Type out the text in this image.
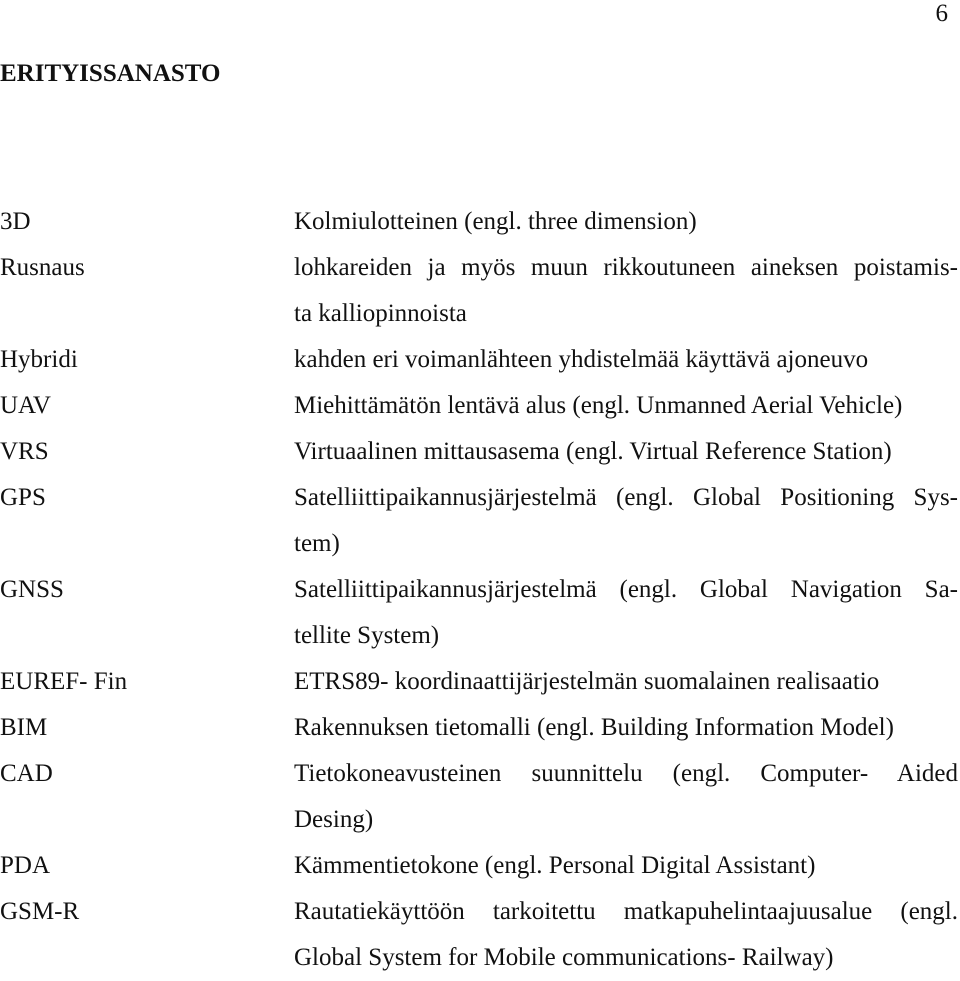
6
ERITYISSANASTO
3D	Kolmiulotteinen (engl. three dimension)
Rusnaus	lohkareiden ja myös muun rikkoutuneen aineksen poistamis-
ta kalliopinnoista
Hybridi	kahden eri voimanlähteen yhdistelmää käyttävä ajoneuvo
UAV	Miehittämätön lentävä alus (engl. Unmanned Aerial Vehicle)
VRS	Virtuaalinen mittausasema (engl. Virtual Reference Station)
GPS	Satelliittipaikannusjärjestelmä (engl. Global Positioning Sys-
tem)
GNSS	Satelliittipaikannusjärjestelmä (engl. Global Navigation Sa-
tellite System)
EUREF- Fin	ETRS89- koordinaattijärjestelmän suomalainen realisaatio
BIM	Rakennuksen tietomalli (engl. Building Information Model)
CAD	Tietokoneavusteinen suunnittelu (engl. Computer- Aided
Desing)
PDA	Kämmentietokone (engl. Personal Digital Assistant)
GSM-R	Rautatiekäyttöön tarkoitettu matkapuhelintaajuusalue (engl.
Global System for Mobile communications- Railway)
